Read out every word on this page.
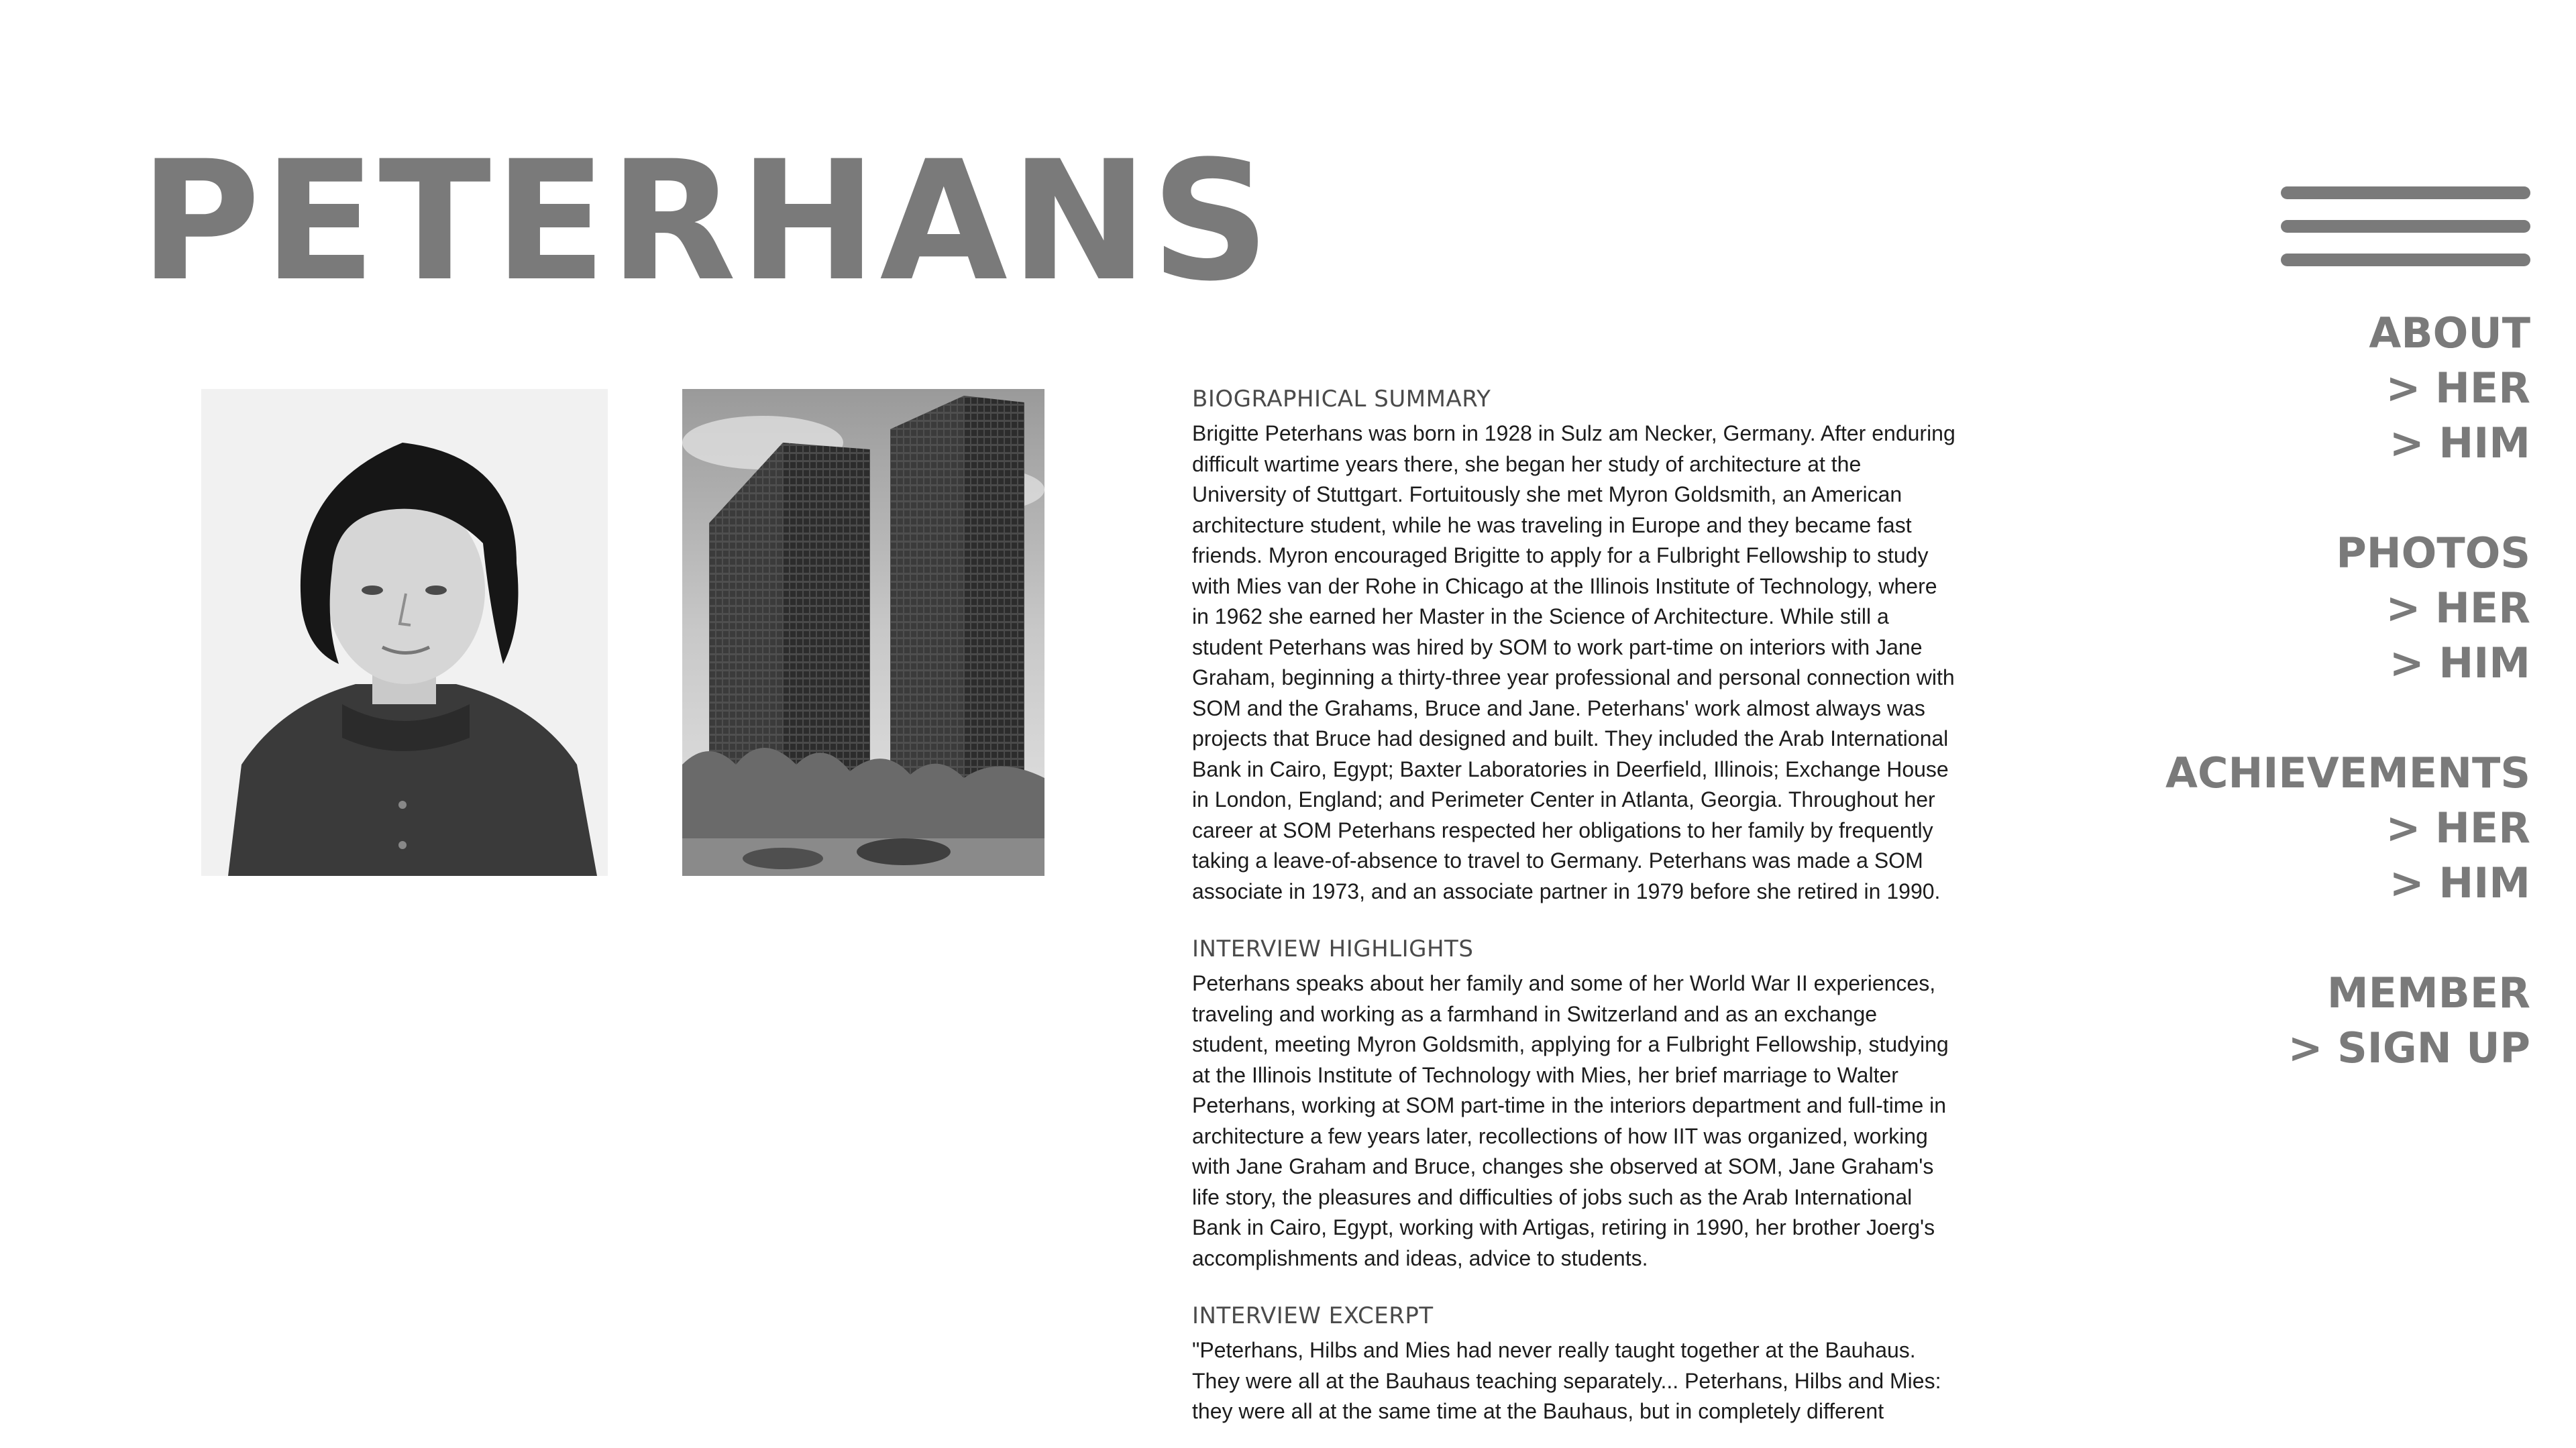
PETERHANS
ABOUT
> HER
> HIM
PHOTOS
> HER
> HIM
ACHIEVEMENTS
> HER
> HIM
MEMBER
> SIGN UP
BIOGRAPHICAL SUMMARY

Brigitte Peterhans was born in 1928 in Sulz am Necker, Germany. After enduring difficult wartime years there, she began her study of architecture at the University of Stuttgart. Fortuitously she met Myron Goldsmith, an American architecture student, while he was traveling in Europe and they became fast friends. Myron encouraged Brigitte to apply for a Fulbright Fellowship to study with Mies van der Rohe in Chicago at the Illinois Institute of Technology, where in 1962 she earned her Master in the Science of Architecture. While still a student Peterhans was hired by SOM to work part-time on interiors with Jane Graham, beginning a thirty-three year professional and personal connection with SOM and the Grahams, Bruce and Jane. Peterhans' work almost always was projects that Bruce had designed and built. They included the Arab International Bank in Cairo, Egypt; Baxter Laboratories in Deerfield, Illinois; Exchange House in London, England; and Perimeter Center in Atlanta, Georgia. Throughout her career at SOM Peterhans respected her obligations to her family by frequently taking a leave-of-absence to travel to Germany. Peterhans was made a SOM associate in 1973, and an associate partner in 1979 before she retired in 1990.

INTERVIEW HIGHLIGHTS

Peterhans speaks about her family and some of her World War II experiences, traveling and working as a farmhand in Switzerland and as an exchange student, meeting Myron Goldsmith, applying for a Fulbright Fellowship, studying at the Illinois Institute of Technology with Mies, her brief marriage to Walter Peterhans, working at SOM part-time in the interiors department and full-time in architecture a few years later, recollections of how IIT was organized, working with Jane Graham and Bruce, changes she observed at SOM, Jane Graham's life story, the pleasures and difficulties of jobs such as the Arab International Bank in Cairo, Egypt, working with Artigas, retiring in 1990, her brother Joerg's accomplishments and ideas, advice to students.

INTERVIEW EXCERPT

"Peterhans, Hilbs and Mies had never really taught together at the Bauhaus. They were all at the Bauhaus teaching separately... Peterhans, Hilbs and Mies: they were all at the same time at the Bauhaus, but in completely different
